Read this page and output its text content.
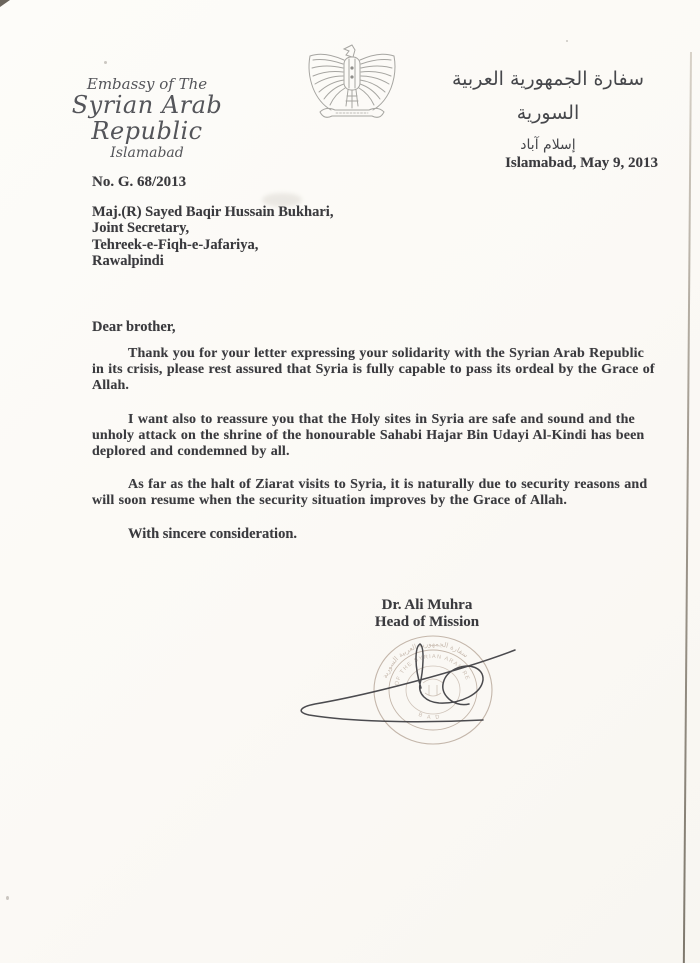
Embassy of The
Syrian Arab Republic
Islamabad
سفارة الجمهورية العربية السورية
إسلام آباد
Islamabad, May 9, 2013
No. G. 68/2013
Maj.(R) Sayed Baqir Hussain Bukhari,
Joint Secretary,
Tehreek-e-Fiqh-e-Jafariya,
Rawalpindi
Dear brother,
Thank you for your letter expressing your solidarity with the Syrian Arab Republic
in its crisis, please rest assured that Syria is fully capable to pass its ordeal by the Grace of
Allah.
I want also to reassure you that the Holy sites in Syria are safe and sound and the
unholy attack on the shrine of the honourable Sahabi Hajar Bin Udayi Al-Kindi has been
deplored and condemned by all.
As far as the halt of Ziarat visits to Syria, it is naturally due to security reasons and
will soon resume when the security situation improves by the Grace of Allah.
With sincere consideration.
Dr. Ali Muhra
Head of Mission
سفارة الجمهورية العربية السورية
OF THE SYRIAN ARAB RE
B A D
